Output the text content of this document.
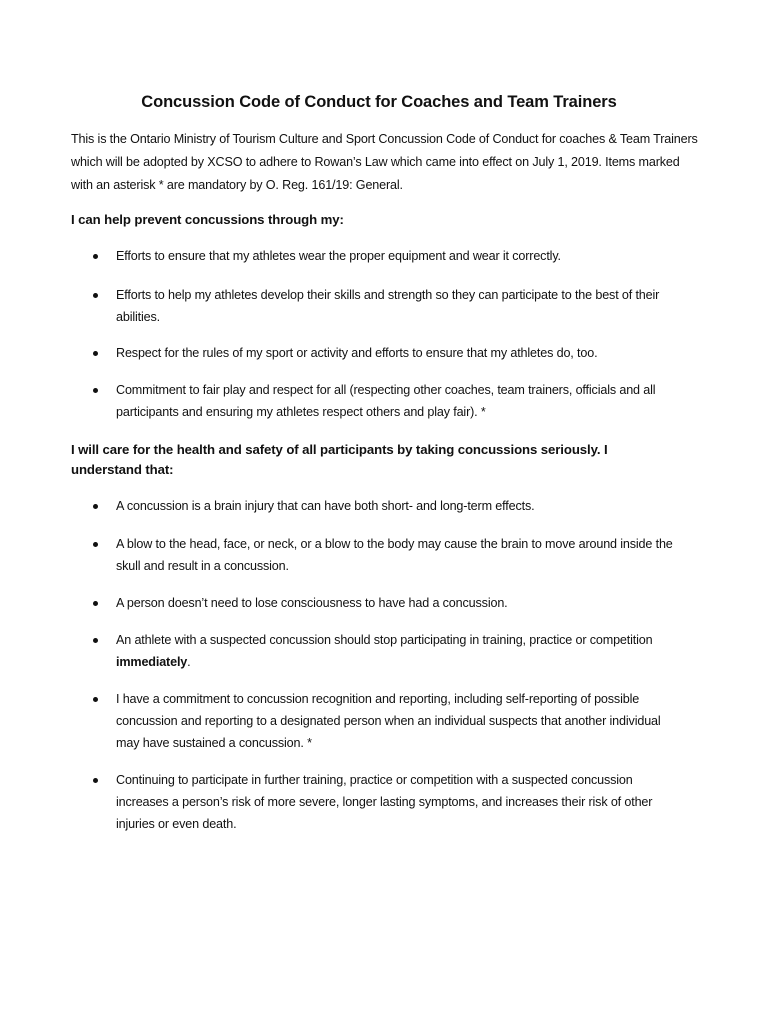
Concussion Code of Conduct for Coaches and Team Trainers

This is the Ontario Ministry of Tourism Culture and Sport Concussion Code of Conduct for coaches & Team Trainers which will be adopted by XCSO to adhere to Rowan’s Law which came into effect on July 1, 2019. Items marked with an asterisk * are mandatory by O. Reg. 161/19: General.

I can help prevent concussions through my:
Efforts to ensure that my athletes wear the proper equipment and wear it correctly.
Efforts to help my athletes develop their skills and strength so they can participate to the best of their abilities.
Respect for the rules of my sport or activity and efforts to ensure that my athletes do, too.
Commitment to fair play and respect for all (respecting other coaches, team trainers, officials and all participants and ensuring my athletes respect others and play fair). *
I will care for the health and safety of all participants by taking concussions seriously. I understand that:
A concussion is a brain injury that can have both short- and long-term effects.
A blow to the head, face, or neck, or a blow to the body may cause the brain to move around inside the skull and result in a concussion.
A person doesn’t need to lose consciousness to have had a concussion.
An athlete with a suspected concussion should stop participating in training, practice or competition immediately.
I have a commitment to concussion recognition and reporting, including self-reporting of possible concussion and reporting to a designated person when an individual suspects that another individual may have sustained a concussion. *
Continuing to participate in further training, practice or competition with a suspected concussion increases a person’s risk of more severe, longer lasting symptoms, and increases their risk of other injuries or even death.
